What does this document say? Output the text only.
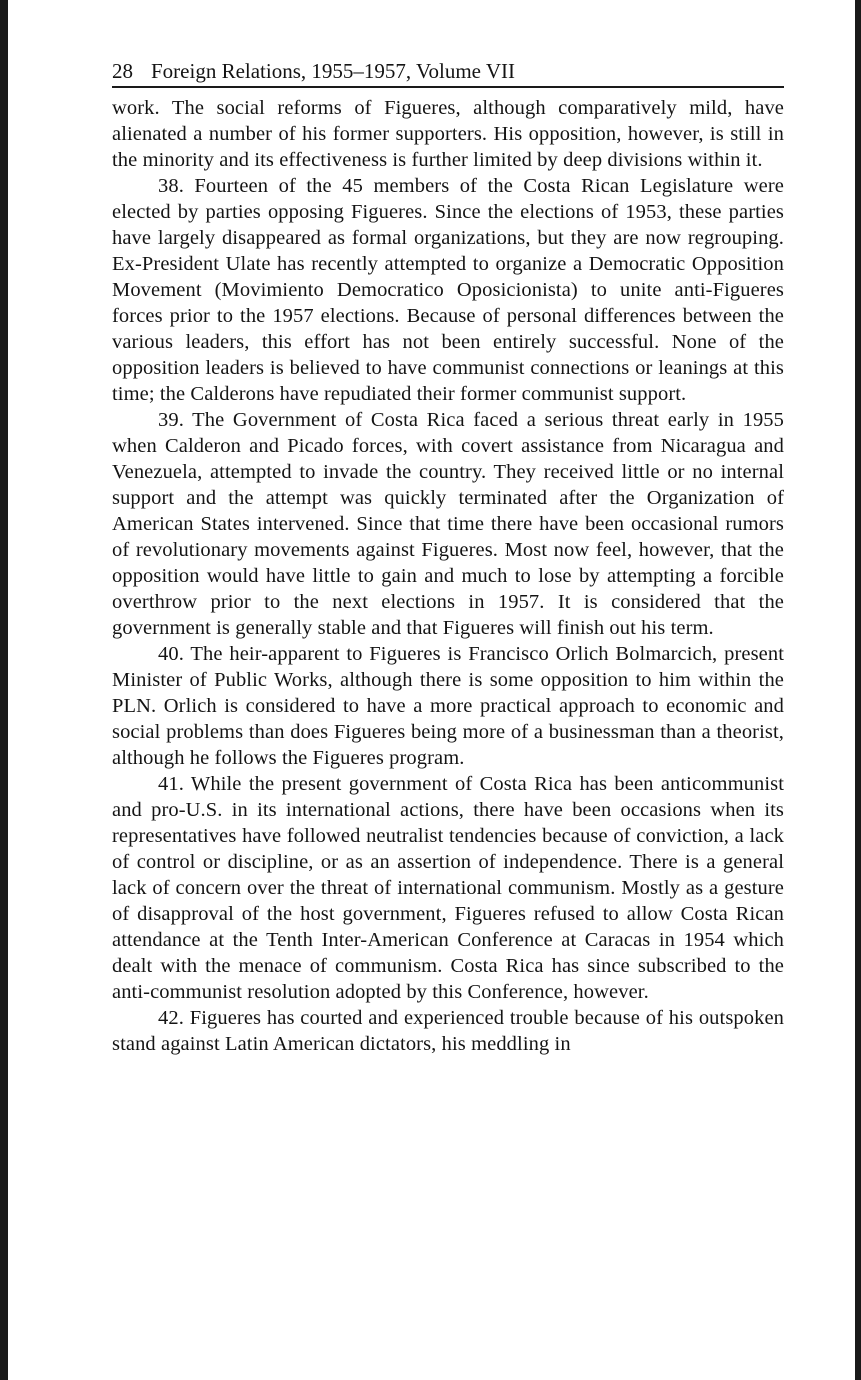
28 Foreign Relations, 1955–1957, Volume VII

work. The social reforms of Figueres, although comparatively mild, have alienated a number of his former supporters. His opposition, however, is still in the minority and its effectiveness is further limited by deep divisions within it.

38. Fourteen of the 45 members of the Costa Rican Legislature were elected by parties opposing Figueres. Since the elections of 1953, these parties have largely disappeared as formal organizations, but they are now regrouping. Ex-President Ulate has recently attempted to organize a Democratic Opposition Movement (Movimiento Democratico Oposicionista) to unite anti-Figueres forces prior to the 1957 elections. Because of personal differences between the various leaders, this effort has not been entirely successful. None of the opposition leaders is believed to have communist connections or leanings at this time; the Calderons have repudiated their former communist support.

39. The Government of Costa Rica faced a serious threat early in 1955 when Calderon and Picado forces, with covert assistance from Nicaragua and Venezuela, attempted to invade the country. They received little or no internal support and the attempt was quickly terminated after the Organization of American States intervened. Since that time there have been occasional rumors of revolutionary movements against Figueres. Most now feel, however, that the opposition would have little to gain and much to lose by attempting a forcible overthrow prior to the next elections in 1957. It is considered that the government is generally stable and that Figueres will finish out his term.

40. The heir-apparent to Figueres is Francisco Orlich Bolmarcich, present Minister of Public Works, although there is some opposition to him within the PLN. Orlich is considered to have a more practical approach to economic and social problems than does Figueres being more of a businessman than a theorist, although he follows the Figueres program.

41. While the present government of Costa Rica has been anticommunist and pro-U.S. in its international actions, there have been occasions when its representatives have followed neutralist tendencies because of conviction, a lack of control or discipline, or as an assertion of independence. There is a general lack of concern over the threat of international communism. Mostly as a gesture of disapproval of the host government, Figueres refused to allow Costa Rican attendance at the Tenth Inter-American Conference at Caracas in 1954 which dealt with the menace of communism. Costa Rica has since subscribed to the anti-communist resolution adopted by this Conference, however.

42. Figueres has courted and experienced trouble because of his outspoken stand against Latin American dictators, his meddling in
